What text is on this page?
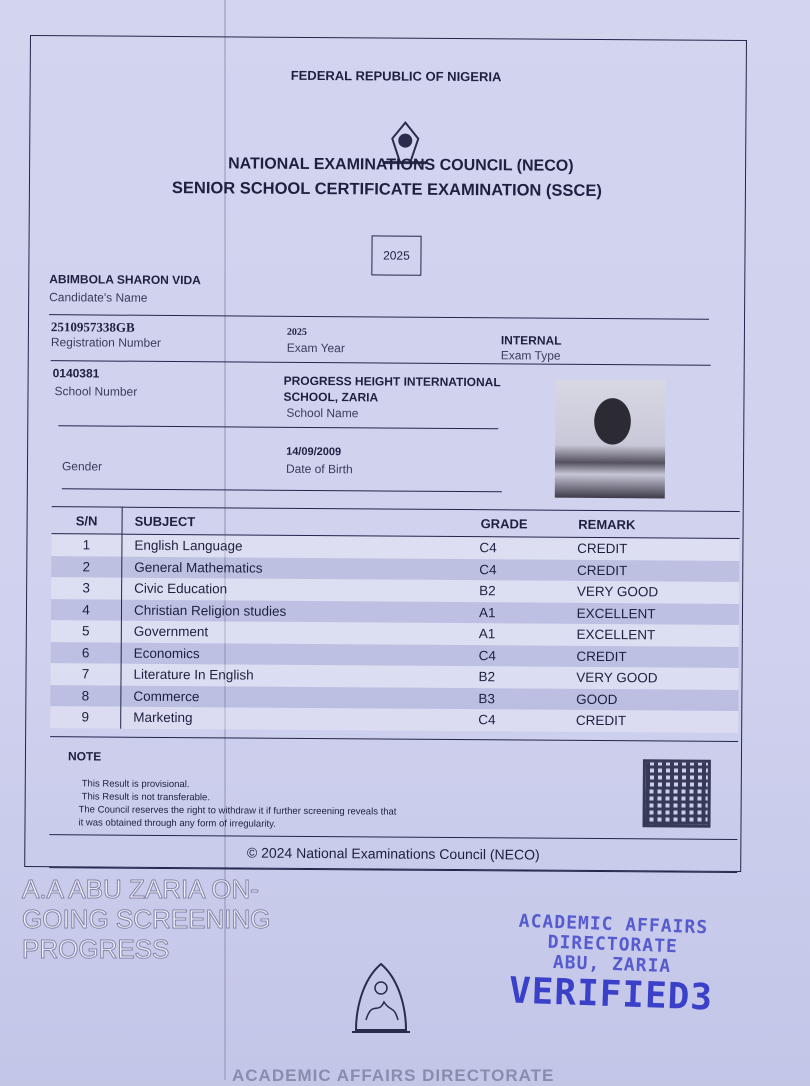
FEDERAL REPUBLIC OF NIGERIA
NATIONAL EXAMINATIONS COUNCIL (NECO)
SENIOR SCHOOL CERTIFICATE EXAMINATION (SSCE)
2025
ABIMBOLA SHARON VIDA
Candidate's Name
2510957338GB
Registration Number
2025
Exam Year
INTERNAL
Exam Type
0140381
School Number
PROGRESS HEIGHT INTERNATIONAL
SCHOOL, ZARIA
School Name
Gender
14/09/2009
Date of Birth
S/N	SUBJECT	GRADE	REMARK
1	English Language	C4	CREDIT
2	General Mathematics	C4	CREDIT
3	Civic Education	B2	VERY GOOD
4	Christian Religion studies	A1	EXCELLENT
5	Government	A1	EXCELLENT
6	Economics	C4	CREDIT
7	Literature In English	B2	VERY GOOD
8	Commerce	B3	GOOD
9	Marketing	C4	CREDIT
NOTE
This Result is provisional.
This Result is not transferable.
The Council reserves the right to withdraw it if further screening reveals that
it was obtained through any form of irregularity.
© 2024 National Examinations Council (NECO)
A.A ABU ZARIA ON-GOING SCREENING PROGRESS
ACADEMIC AFFAIRS
DIRECTORATE
ABU, ZARIA
VERIFIED3
ACADEMIC AFFAIRS DIRECTORATE
